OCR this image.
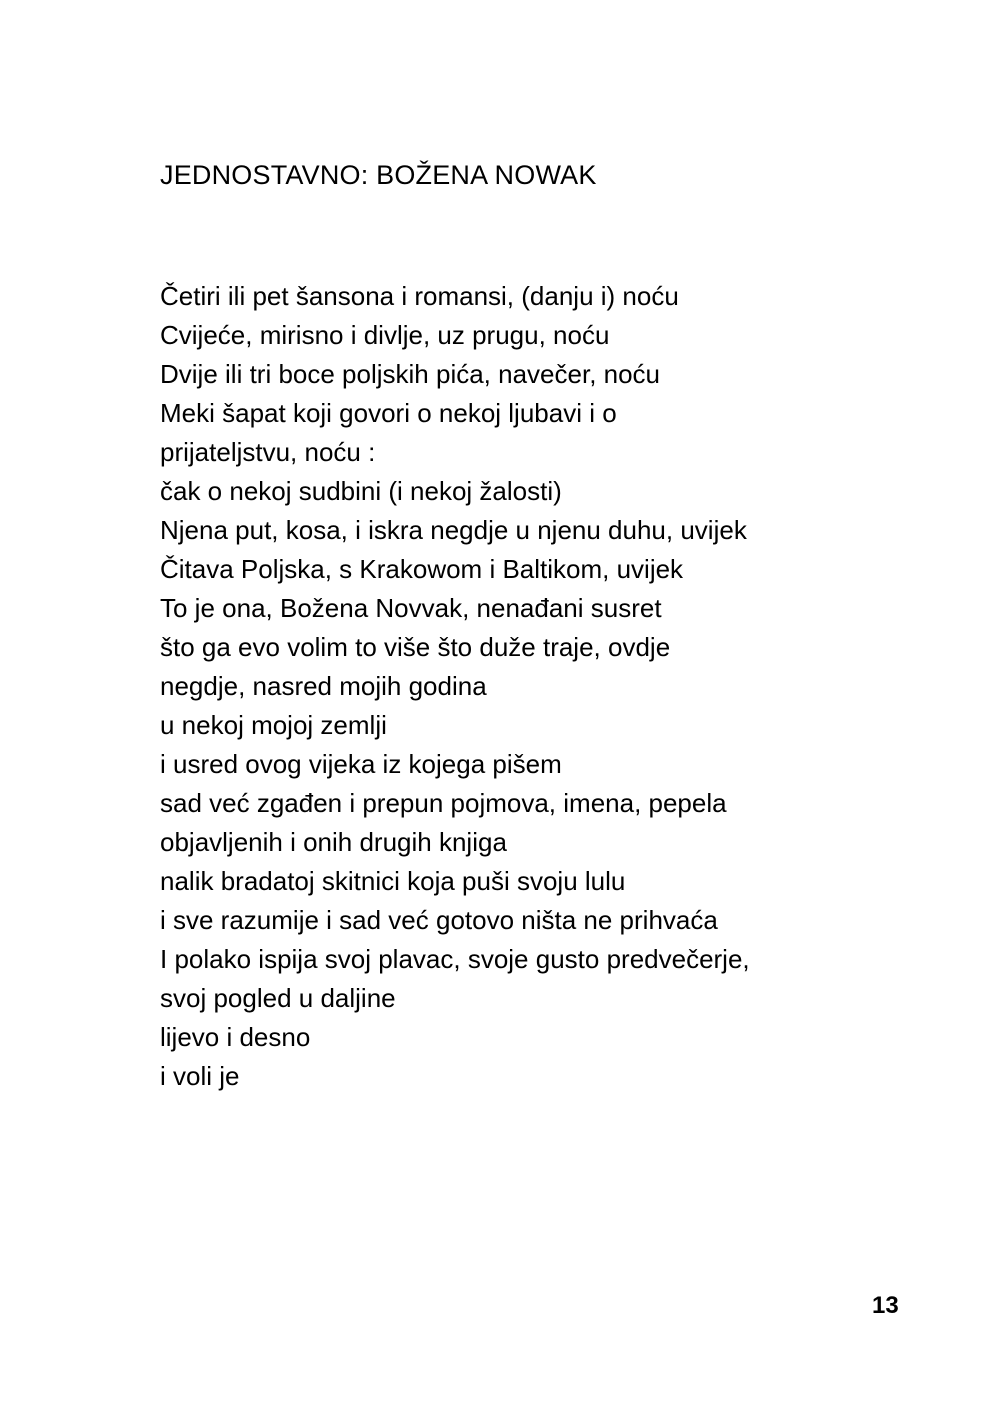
JEDNOSTAVNO: BOŽENA NOWAK
Četiri ili pet šansona i romansi, (danju i) noću
Cvijeće, mirisno i divlje, uz prugu, noću
Dvije ili tri boce poljskih pića, navečer, noću
Meki šapat koji govori o nekoj ljubavi i o
prijateljstvu, noću :
čak o nekoj sudbini (i nekoj žalosti)
Njena put, kosa, i iskra negdje u njenu duhu, uvijek
Čitava Poljska, s Krakowom i Baltikom, uvijek
To je ona, Božena Novvak, nenađani susret
što ga evo volim to više što duže traje, ovdje
negdje, nasred mojih godina
u nekoj mojoj zemlji
i usred ovog vijeka iz kojega pišem
sad već zgađen i prepun pojmova, imena, pepela
objavljenih i onih drugih knjiga
nalik bradatoj skitnici koja puši svoju lulu
i sve razumije i sad već gotovo ništa ne prihvaća
I polako ispija svoj plavac, svoje gusto predvečerje,
svoj pogled u daljine
lijevo i desno
i voli je
13
